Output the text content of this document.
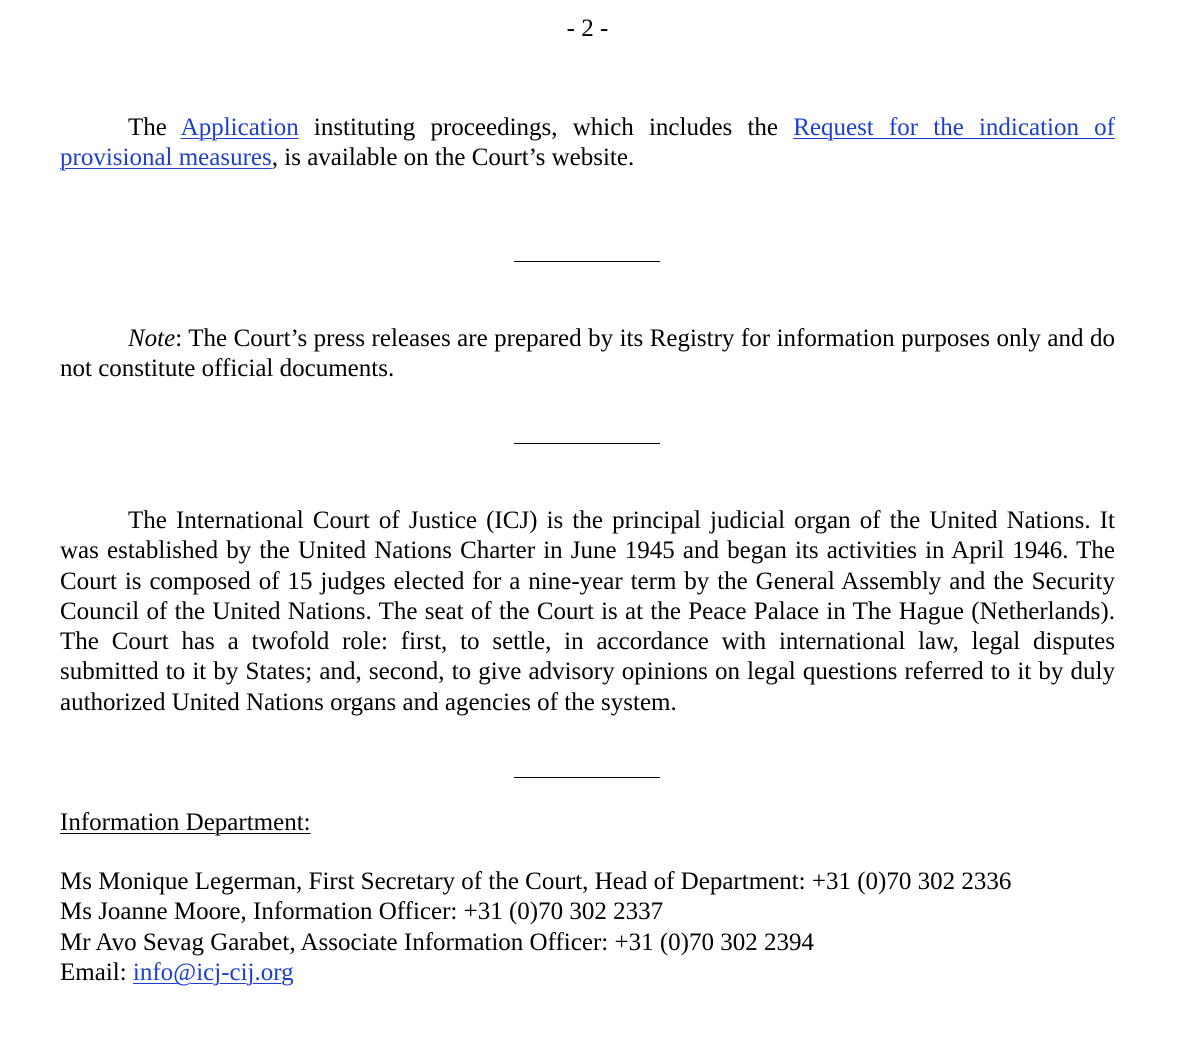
- 2 -

The Application instituting proceedings, which includes the Request for the indication of provisional measures, is available on the Court’s website.

Note: The Court’s press releases are prepared by its Registry for information purposes only and do not constitute official documents.

The International Court of Justice (ICJ) is the principal judicial organ of the United Nations. It was established by the United Nations Charter in June 1945 and began its activities in April 1946. The Court is composed of 15 judges elected for a nine-year term by the General Assembly and the Security Council of the United Nations. The seat of the Court is at the Peace Palace in The Hague (Netherlands). The Court has a twofold role: first, to settle, in accordance with international law, legal disputes submitted to it by States; and, second, to give advisory opinions on legal questions referred to it by duly authorized United Nations organs and agencies of the system.

Information Department:
Ms Monique Legerman, First Secretary of the Court, Head of Department: +31 (0)70 302 2336
Ms Joanne Moore, Information Officer: +31 (0)70 302 2337
Mr Avo Sevag Garabet, Associate Information Officer: +31 (0)70 302 2394
Email: info@icj-cij.org
